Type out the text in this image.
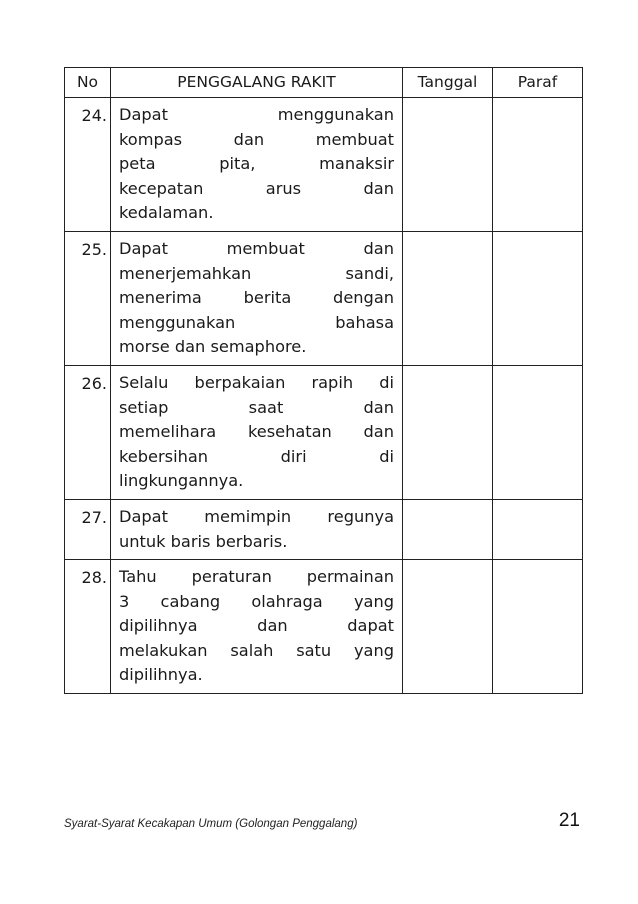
No	PENGGALANG RAKIT	Tanggal	Paraf
24.	Dapat menggunakan
kompas dan membuat
peta pita, manaksir
kecepatan arus dan
kedalaman.		

25.	Dapat membuat dan
menerjemahkan sandi,
menerima berita dengan
menggunakan bahasa
morse dan semaphore.		

26.	Selalu berpakaian rapih di
setiap saat dan
memelihara kesehatan dan
kebersihan diri di
lingkungannya.		

27.	Dapat memimpin regunya
untuk baris berbaris.		

28.	Tahu peraturan permainan
3 cabang olahraga yang
dipilihnya dan dapat
melakukan salah satu yang
dipilihnya.		

Syarat-Syarat Kecakapan Umum (Golongan Penggalang)	21
